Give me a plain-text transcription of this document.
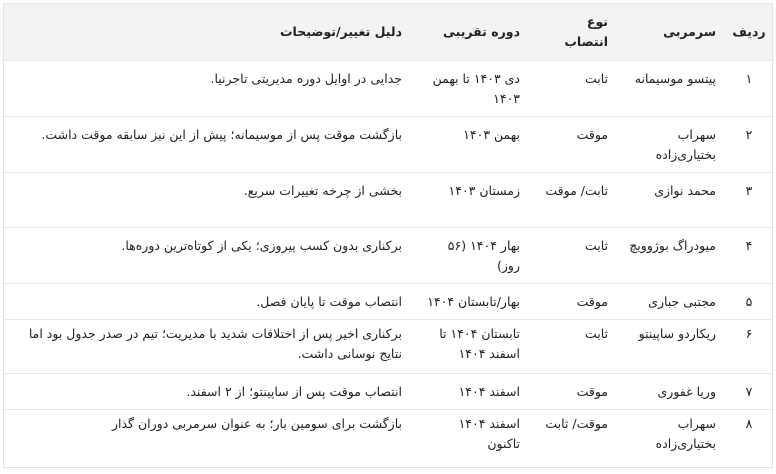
ردیف	سرمربی	نوع انتصاب	دوره تقریبی	دلیل تغییر/توضیحات
۱	پیتسو موسیمانه	ثابت	دی ۱۴۰۳ تا بهمن ۱۴۰۳	جدایی در اوایل دوره مدیریتی تاجرنیا.
۲	سهراب بختیاری‌زاده	موقت	بهمن ۱۴۰۳	بازگشت موقت پس از موسیمانه؛ پیش از این نیز سابقه موقت داشت.
۳	محمد نوازی	ثابت/ موقت	زمستان ۱۴۰۳	بخشی از چرخه تغییرات سریع.
۴	میودراگ بوژوویچ	ثابت	بهار ۱۴۰۴ (۵۶ روز)	برکناری بدون کسب پیروزی؛ یکی از کوتاه‌ترین دوره‌ها.
۵	مجتبی جباری	موقت	بهار/تابستان ۱۴۰۴	انتصاب موقت تا پایان فصل.
۶	ریکاردو ساپینتو	ثابت	تابستان ۱۴۰۴ تا اسفند ۱۴۰۴	برکناری اخیر پس از اختلافات شدید با مدیریت؛ تیم در صدر جدول بود اما نتایج نوسانی داشت.
۷	وریا غفوری	موقت	اسفند ۱۴۰۴	انتصاب موقت پس از ساپینتو؛ از ۲ اسفند.
۸	سهراب بختیاری‌زاده	موقت/ ثابت	اسفند ۱۴۰۴ تاکنون	بازگشت برای سومین بار؛ به عنوان سرمربی دوران گذار
